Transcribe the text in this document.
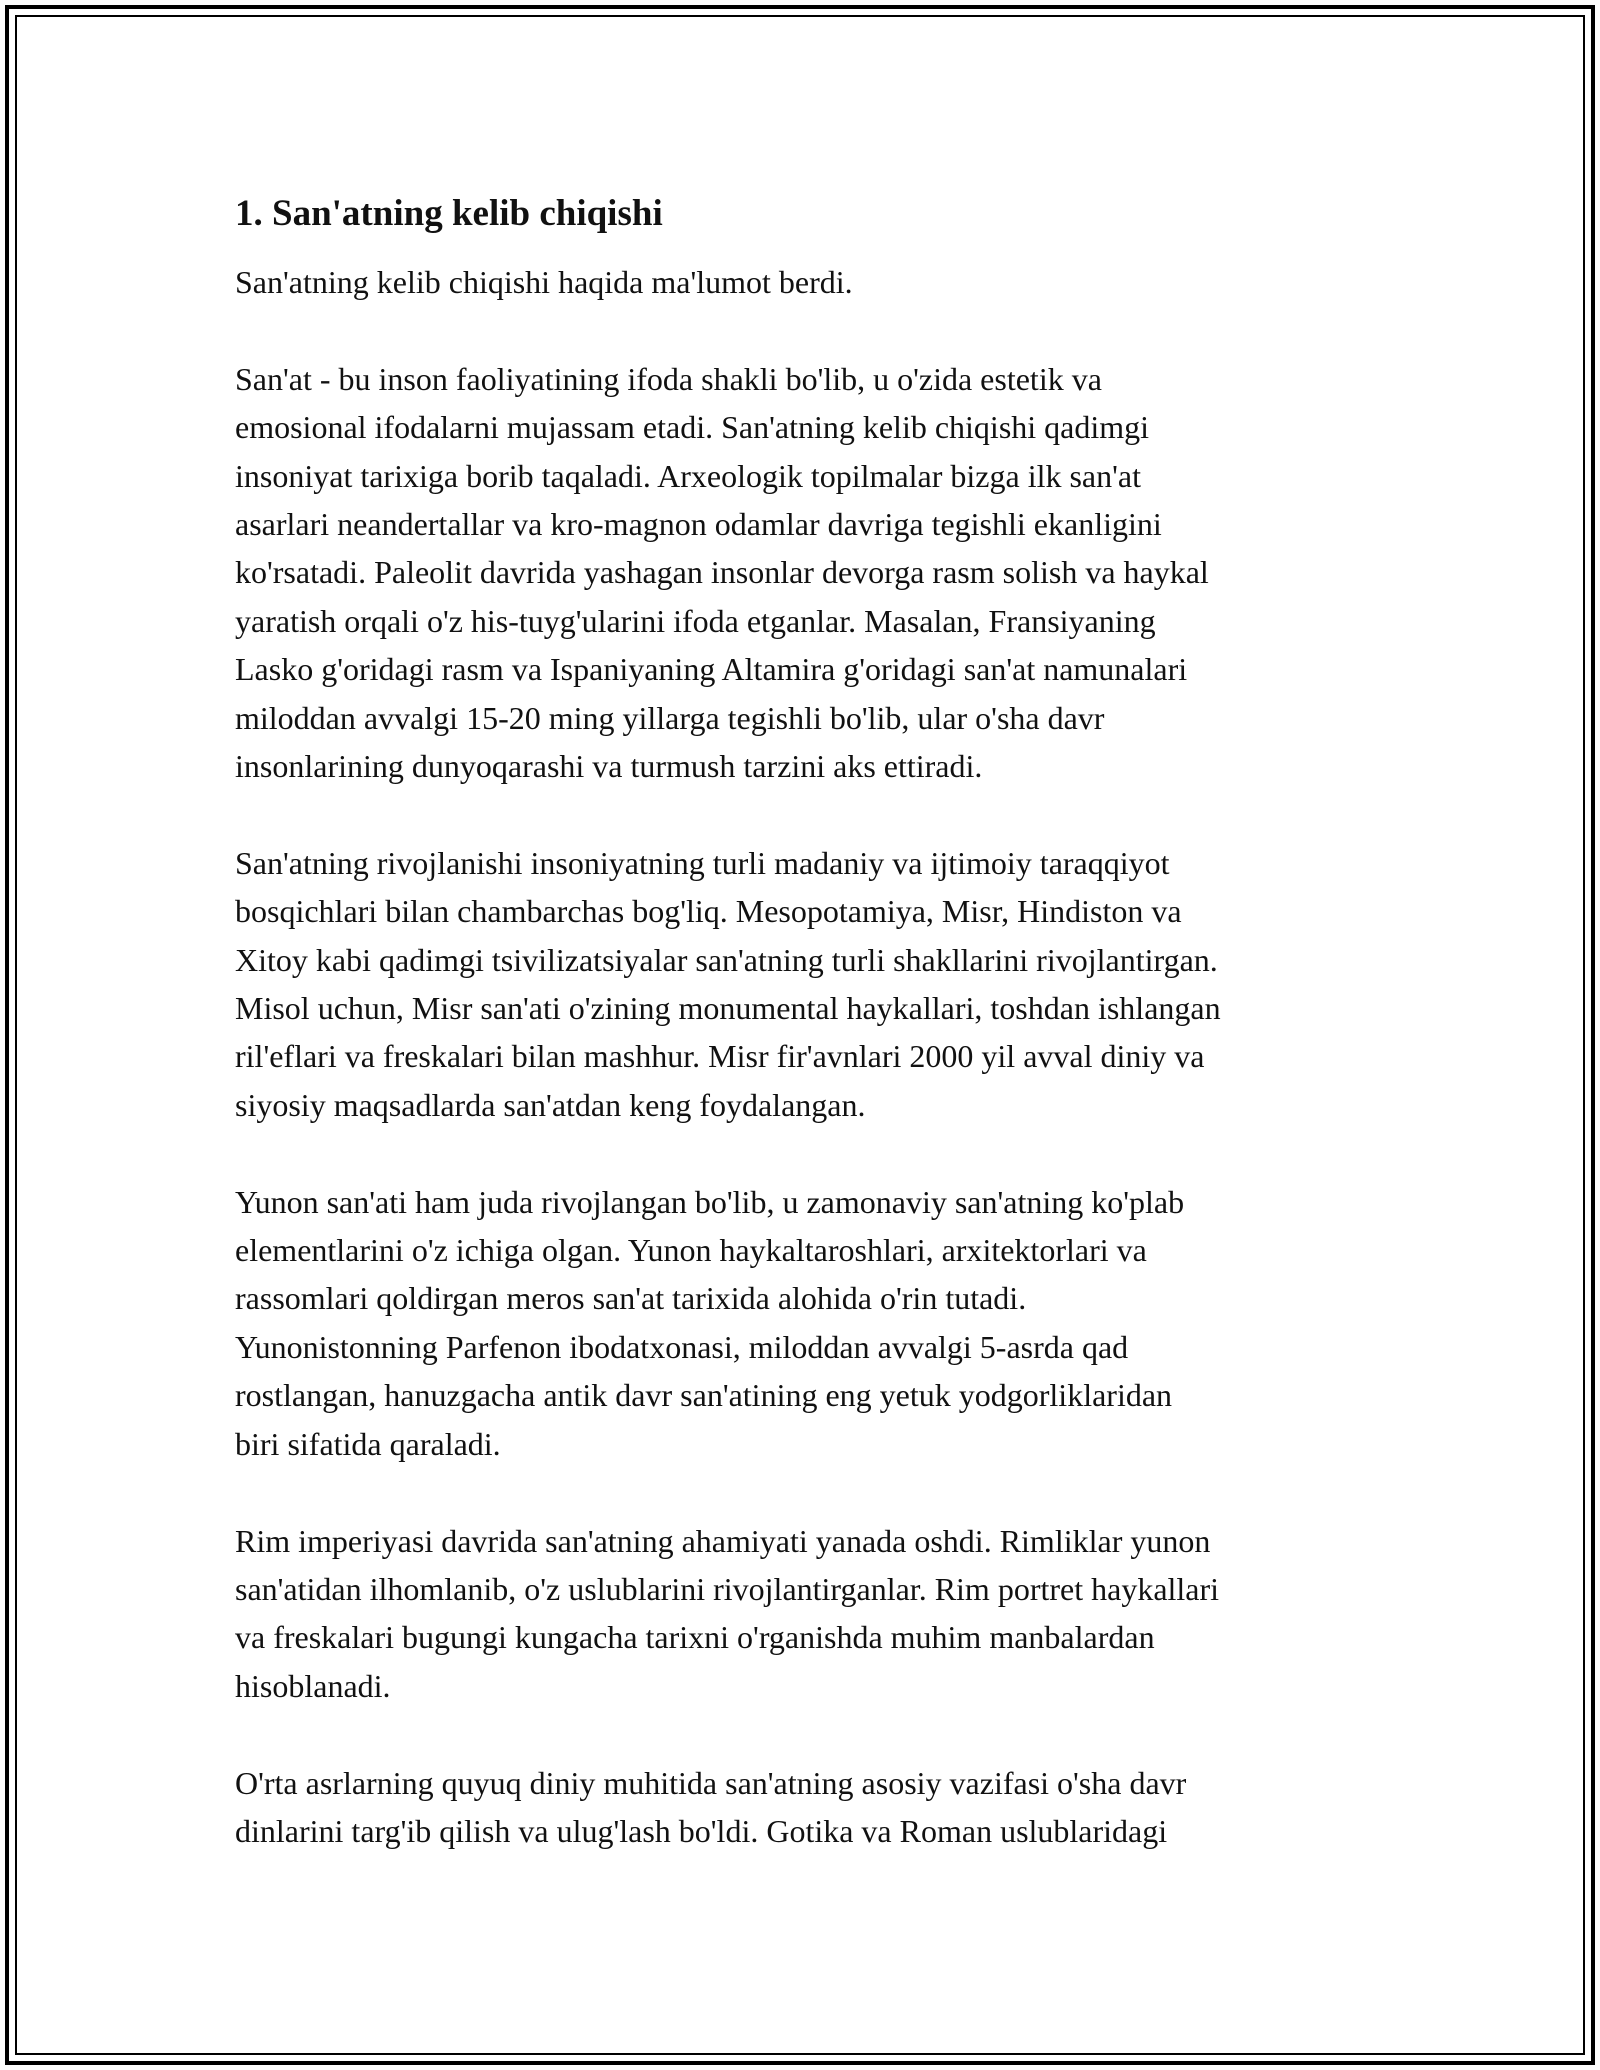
1. San'atning kelib chiqishi

San'atning kelib chiqishi haqida ma'lumot berdi.

San'at - bu inson faoliyatining ifoda shakli bo'lib, u o'zida estetik va
emosional ifodalarni mujassam etadi. San'atning kelib chiqishi qadimgi
insoniyat tarixiga borib taqaladi. Arxeologik topilmalar bizga ilk san'at
asarlari neandertallar va kro-magnon odamlar davriga tegishli ekanligini
ko'rsatadi. Paleolit davrida yashagan insonlar devorga rasm solish va haykal
yaratish orqali o'z his-tuyg'ularini ifoda etganlar. Masalan, Fransiyaning
Lasko g'oridagi rasm va Ispaniyaning Altamira g'oridagi san'at namunalari
miloddan avvalgi 15-20 ming yillarga tegishli bo'lib, ular o'sha davr
insonlarining dunyoqarashi va turmush tarzini aks ettiradi.

San'atning rivojlanishi insoniyatning turli madaniy va ijtimoiy taraqqiyot
bosqichlari bilan chambarchas bog'liq. Mesopotamiya, Misr, Hindiston va
Xitoy kabi qadimgi tsivilizatsiyalar san'atning turli shakllarini rivojlantirgan.
Misol uchun, Misr san'ati o'zining monumental haykallari, toshdan ishlangan
ril'eflari va freskalari bilan mashhur. Misr fir'avnlari 2000 yil avval diniy va
siyosiy maqsadlarda san'atdan keng foydalangan.

Yunon san'ati ham juda rivojlangan bo'lib, u zamonaviy san'atning ko'plab
elementlarini o'z ichiga olgan. Yunon haykaltaroshlari, arxitektorlari va
rassomlari qoldirgan meros san'at tarixida alohida o'rin tutadi.
Yunonistonning Parfenon ibodatxonasi, miloddan avvalgi 5-asrda qad
rostlangan, hanuzgacha antik davr san'atining eng yetuk yodgorliklaridan
biri sifatida qaraladi.

Rim imperiyasi davrida san'atning ahamiyati yanada oshdi. Rimliklar yunon
san'atidan ilhomlanib, o'z uslublarini rivojlantirganlar. Rim portret haykallari
va freskalari bugungi kungacha tarixni o'rganishda muhim manbalardan
hisoblanadi.

O'rta asrlarning quyuq diniy muhitida san'atning asosiy vazifasi o'sha davr
dinlarini targ'ib qilish va ulug'lash bo'ldi. Gotika va Roman uslublaridagi
